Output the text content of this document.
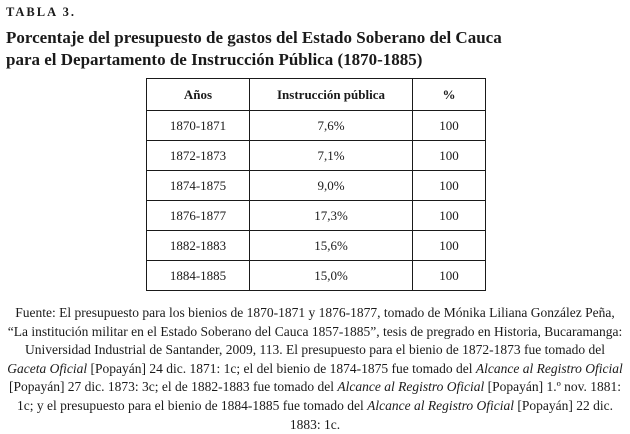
TABLA 3.
Porcentaje del presupuesto de gastos del Estado Soberano del Cauca
para el Departamento de Instrucción Pública (1870-1885)
Años	Instrucción pública	%
1870-1871	7,6%	100
1872-1873	7,1%	100
1874-1875	9,0%	100
1876-1877	17,3%	100
1882-1883	15,6%	100
1884-1885	15,0%	100
Fuente: El presupuesto para los bienios de 1870-1871 y 1876-1877, tomado de Mónika Liliana González Peña, “La institución militar en el Estado Soberano del Cauca 1857-1885”, tesis de pregrado en Historia, Bucaramanga: Universidad Industrial de Santander, 2009, 113. El presupuesto para el bienio de 1872-1873 fue tomado del Gaceta Oficial [Popayán] 24 dic. 1871: 1c; el del bienio de 1874-1875 fue tomado del Alcance al Registro Oficial [Popayán] 27 dic. 1873: 3c; el de 1882-1883 fue tomado del Alcance al Registro Oficial [Popayán] 1.º nov. 1881: 1c; y el presupuesto para el bienio de 1884-1885 fue tomado del Alcance al Registro Oficial [Popayán] 22 dic. 1883: 1c.
